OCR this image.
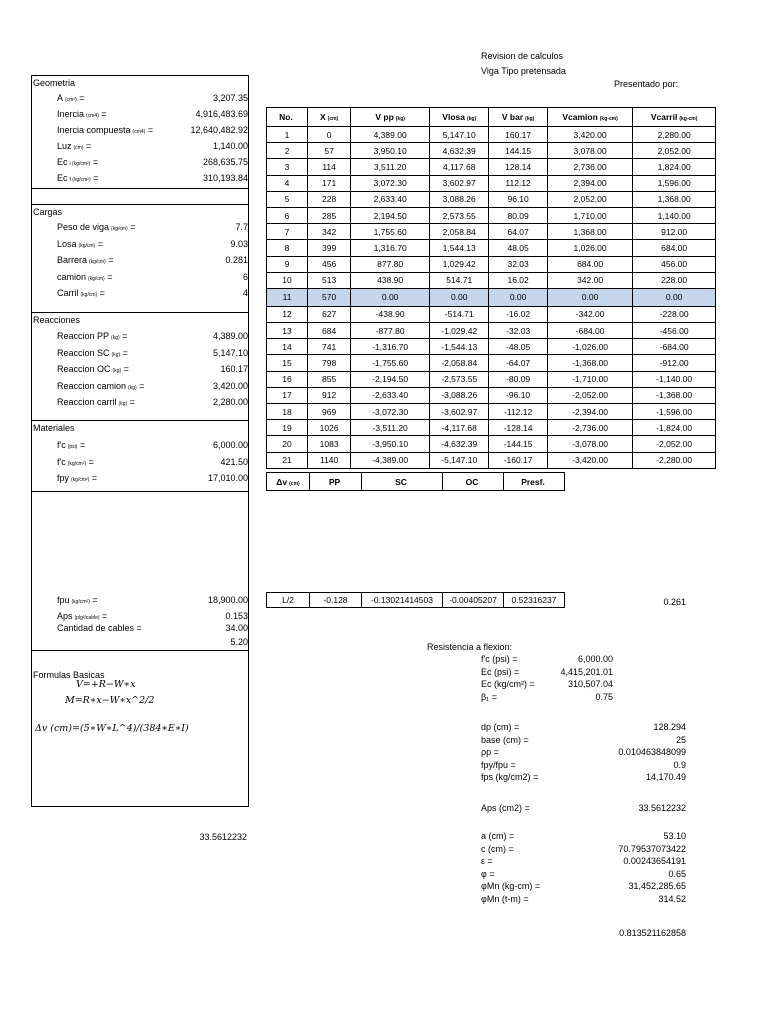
Revision de calculos
Viga Tipo pretensada
Presentado por:
Geometria
A (cm²) =	3,207.35
Inercia (cm4) =	4,916,483.69
Inercia compuesta (cm4) =	12,640,482.92
Luz (cm) =	1,140.00
Ec i (kg/cm²) =	268,635.75
Ec f (kg/cm²) =	310,193.84
Cargas
Peso de viga (kg/cm) =	7.7
Losa (kg/cm) =	9.03
Barrera (kg/cm) =	0.281
camion (kg/cm) =	6
Carril (kg/cm) =	4
Reacciones
Reaccion PP (kg) =	4,389.00
Reaccion SC (kg) =	5,147.10
Reaccion OC (kg) =	160.17
Reaccion camion (kg) =	3,420.00
Reaccion carril (kg) =	2,280.00
Materiales
f'c (psi) =	6,000.00
f'c (kg/cm²) =	421.50
fpy (kg/cm²) =	17,010.00
fpu (kg/cm²) =	18,900.00
Aps (plg²/cable) =	0.153
Cantidad de cables =	34.00
5.20
Formulas Basicas
V=+R−W∗x
M=R∗x−W∗x^2/2
Δv (cm)=(5∗W∗L^4)/(384∗E∗I)
33.5612232
No.	X (cm)	V pp (kg)	Vlosa (kg)	V bar (kg)	Vcamion (kg-cm)	Vcarril (kg-cm)
1	0	4,389.00	5,147.10	160.17	3,420.00	2,280.00
2	57	3,950.10	4,632.39	144.15	3,078.00	2,052.00
3	114	3,511.20	4,117.68	128.14	2,736.00	1,824.00
4	171	3,072.30	3,602.97	112.12	2,394.00	1,596.00
5	228	2,633.40	3,088.26	96.10	2,052.00	1,368.00
6	285	2,194.50	2,573.55	80.09	1,710.00	1,140.00
7	342	1,755.60	2,058.84	64.07	1,368.00	912.00
8	399	1,316.70	1,544.13	48.05	1,026.00	684.00
9	456	877.80	1,029.42	32.03	684.00	456.00
10	513	438.90	514.71	16.02	342.00	228.00
11	570	0.00	0.00	0.00	0.00	0.00
12	627	-438.90	-514.71	-16.02	-342.00	-228.00
13	684	-877.80	-1,029.42	-32.03	-684.00	-456.00
14	741	-1,316.70	-1,544.13	-48.05	-1,026.00	-684.00
15	798	-1,755.60	-2,058.84	-64.07	-1,368.00	-912.00
16	855	-2,194.50	-2,573.55	-80.09	-1,710.00	-1,140.00
17	912	-2,633.40	-3,088.26	-96.10	-2,052.00	-1,368.00
18	969	-3,072.30	-3,602.97	-112.12	-2,394.00	-1,596.00
19	1026	-3,511.20	-4,117.68	-128.14	-2,736.00	-1,824.00
20	1083	-3,950.10	-4,632.39	-144.15	-3,078.00	-2,052.00
21	1140	-4,389.00	-5,147.10	-160.17	-3,420.00	-2,280.00
Δv (cm)	PP	SC	OC	Presf.
L/2	-0.128	-0.13021414503	-0.00405207	0.52316237	0.261
Resistencia a flexion:
f'c (psi) =	6,000.00
Ec (psi) =	4,415,201.01
Ec (kg/cm²) =	310,507.04
β₁ =	0.75
dp (cm) =	128.294
base (cm) =	25
ρp =	0.010463848099
fpy/fpu =	0.9
fps (kg/cm2) =	14,170.49
Aps (cm2) =	33.5612232
a (cm) =	53.10
c (cm) =	70.79537073422
ε =	0.00243654191
φ =	0.65
φMn (kg-cm) =	31,452,285.65
φMn (t-m) =	314.52
0.813521162858
